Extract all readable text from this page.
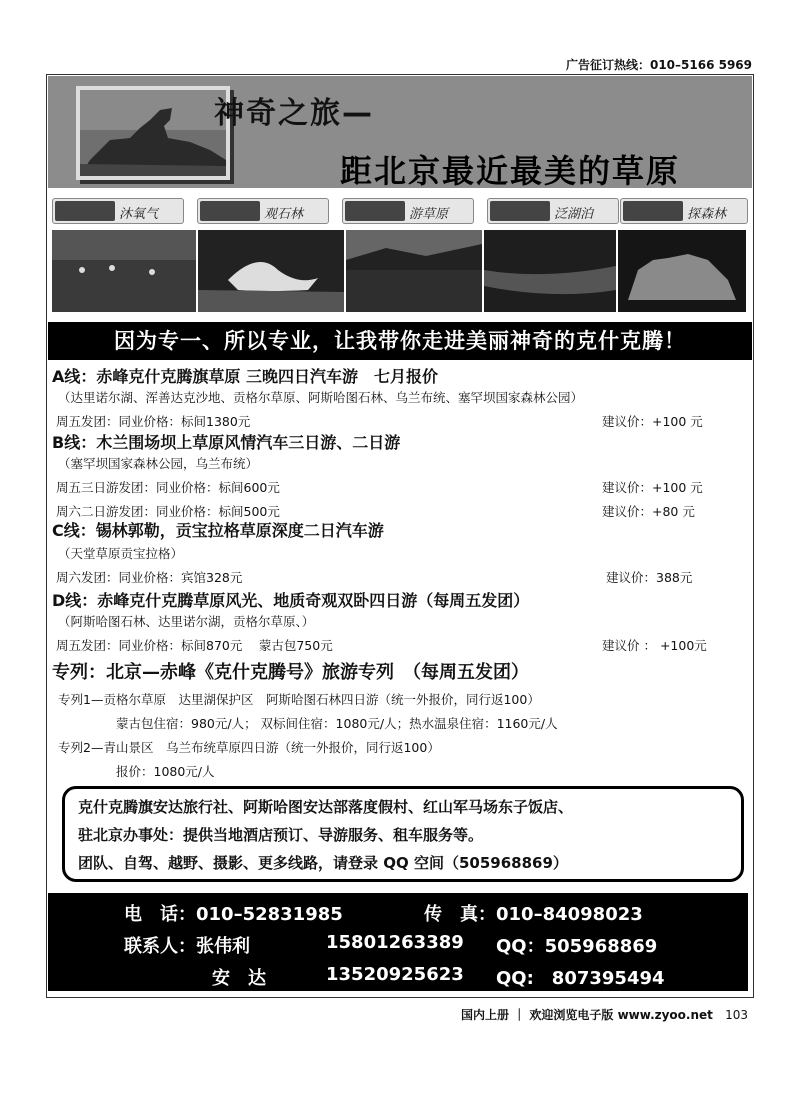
广告征订热线：010–5166 5969
神奇之旅—
距北京最近最美的草原
沐氧气	观石林	游草原	泛湖泊	探森林
因为专一、所以专业，让我带你走进美丽神奇的克什克腾！
A线：赤峰克什克腾旗草原 三晚四日汽车游　七月报价
（达里诺尔湖、浑善达克沙地、贡格尔草原、阿斯哈图石林、乌兰布统、塞罕坝国家森林公园）
周五发团：同业价格：标间1380元	建议价：+100 元
B线：木兰围场坝上草原风情汽车三日游、二日游
（塞罕坝国家森林公园，乌兰布统）
周五三日游发团：同业价格：标间600元	建议价：+100 元
周六二日游发团：同业价格：标间500元	建议价：+80 元
C线：锡林郭勒，贡宝拉格草原深度二日汽车游
（天堂草原贡宝拉格）
周六发团：同业价格：宾馆328元	建议价：388元
D线：赤峰克什克腾草原风光、地质奇观双卧四日游（每周五发团）
（阿斯哈图石林、达里诺尔湖，贡格尔草原、）
周五发团：同业价格：标间870元　 蒙古包750元	建议价 ： +100元
专列：北京—赤峰《克什克腾号》旅游专列　（每周五发团）
专列1—贡格尔草原　达里湖保护区　阿斯哈图石林四日游（统一外报价，同行返100）
蒙古包住宿：980元/人； 双标间住宿：1080元/人；热水温泉住宿：1160元/人
专列2—青山景区　乌兰布统草原四日游（统一外报价，同行返100）
报价：1080元/人
克什克腾旗安达旅行社、阿斯哈图安达部落度假村、红山军马场东子饭店、
驻北京办事处：提供当地酒店预订、导游服务、租车服务等。
团队、自驾、越野、摄影、更多线路，请登录 QQ 空间（505968869）
电　话：010–52831985	传　真：010–84098023
联系人：张伟利	15801263389 QQ：505968869
安　达	13520925623 QQ:　807395494
国内上册 ｜ 欢迎浏览电子版 www.zyoo.net 103
